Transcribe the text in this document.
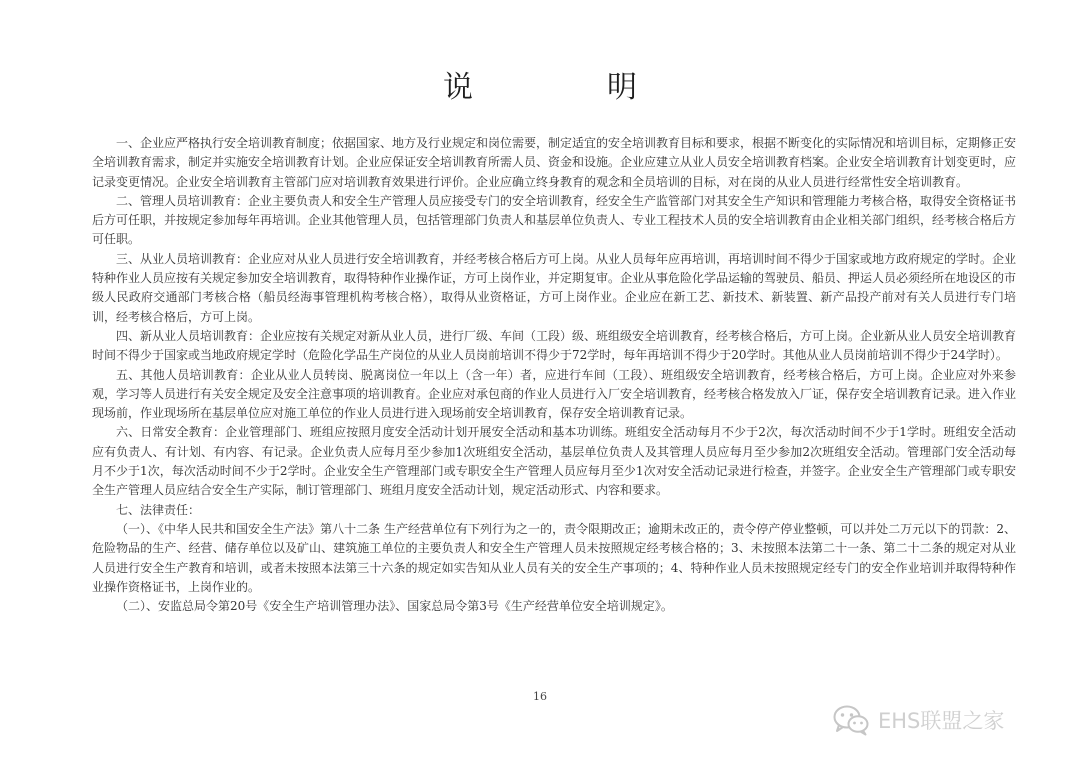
说　明

一、企业应严格执行安全培训教育制度；依据国家、地方及行业规定和岗位需要，制定适宜的安全培训教育目标和要求，根据不断变化的实际情况和培训目标，定期修正安全培训教育需求，制定并实施安全培训教育计划。企业应保证安全培训教育所需人员、资金和设施。企业应建立从业人员安全培训教育档案。企业安全培训教育计划变更时，应记录变更情况。企业安全培训教育主管部门应对培训教育效果进行评价。企业应确立终身教育的观念和全员培训的目标，对在岗的从业人员进行经常性安全培训教育。

二、管理人员培训教育：企业主要负责人和安全生产管理人员应接受专门的安全培训教育，经安全生产监管部门对其安全生产知识和管理能力考核合格，取得安全资格证书后方可任职，并按规定参加每年再培训。企业其他管理人员，包括管理部门负责人和基层单位负责人、专业工程技术人员的安全培训教育由企业相关部门组织，经考核合格后方可任职。

三、从业人员培训教育：企业应对从业人员进行安全培训教育，并经考核合格后方可上岗。从业人员每年应再培训，再培训时间不得少于国家或地方政府规定的学时。企业特种作业人员应按有关规定参加安全培训教育，取得特种作业操作证，方可上岗作业，并定期复审。企业从事危险化学品运输的驾驶员、船员、押运人员必须经所在地设区的市级人民政府交通部门考核合格（船员经海事管理机构考核合格），取得从业资格证，方可上岗作业。企业应在新工艺、新技术、新装置、新产品投产前对有关人员进行专门培训，经考核合格后，方可上岗。

四、新从业人员培训教育：企业应按有关规定对新从业人员，进行厂级、车间（工段）级、班组级安全培训教育，经考核合格后，方可上岗。企业新从业人员安全培训教育时间不得少于国家或当地政府规定学时（危险化学品生产岗位的从业人员岗前培训不得少于72学时，每年再培训不得少于20学时。其他从业人员岗前培训不得少于24学时）。

五、其他人员培训教育：企业从业人员转岗、脱离岗位一年以上（含一年）者，应进行车间（工段）、班组级安全培训教育，经考核合格后，方可上岗。企业应对外来参观，学习等人员进行有关安全规定及安全注意事项的培训教育。企业应对承包商的作业人员进行入厂安全培训教育，经考核合格发放入厂证，保存安全培训教育记录。进入作业现场前，作业现场所在基层单位应对施工单位的作业人员进行进入现场前安全培训教育，保存安全培训教育记录。

六、日常安全教育：企业管理部门、班组应按照月度安全活动计划开展安全活动和基本功训练。班组安全活动每月不少于2次，每次活动时间不少于1学时。班组安全活动应有负责人、有计划、有内容、有记录。企业负责人应每月至少参加1次班组安全活动，基层单位负责人及其管理人员应每月至少参加2次班组安全活动。管理部门安全活动每月不少于1次，每次活动时间不少于2学时。企业安全生产管理部门或专职安全生产管理人员应每月至少1次对安全活动记录进行检查，并签字。企业安全生产管理部门或专职安全生产管理人员应结合安全生产实际，制订管理部门、班组月度安全活动计划，规定活动形式、内容和要求。

七、法律责任：

（一）、《中华人民共和国安全生产法》第八十二条 生产经营单位有下列行为之一的，责令限期改正；逾期未改正的，责令停产停业整顿，可以并处二万元以下的罚款：2、危险物品的生产、经营、储存单位以及矿山、建筑施工单位的主要负责人和安全生产管理人员未按照规定经考核合格的；3、未按照本法第二十一条、第二十二条的规定对从业人员进行安全生产教育和培训，或者未按照本法第三十六条的规定如实告知从业人员有关的安全生产事项的；4、特种作业人员未按照规定经专门的安全作业培训并取得特种作业操作资格证书，上岗作业的。

（二）、安监总局令第20号《安全生产培训管理办法》、国家总局令第3号《生产经营单位安全培训规定》。

16
EHS联盟之家
